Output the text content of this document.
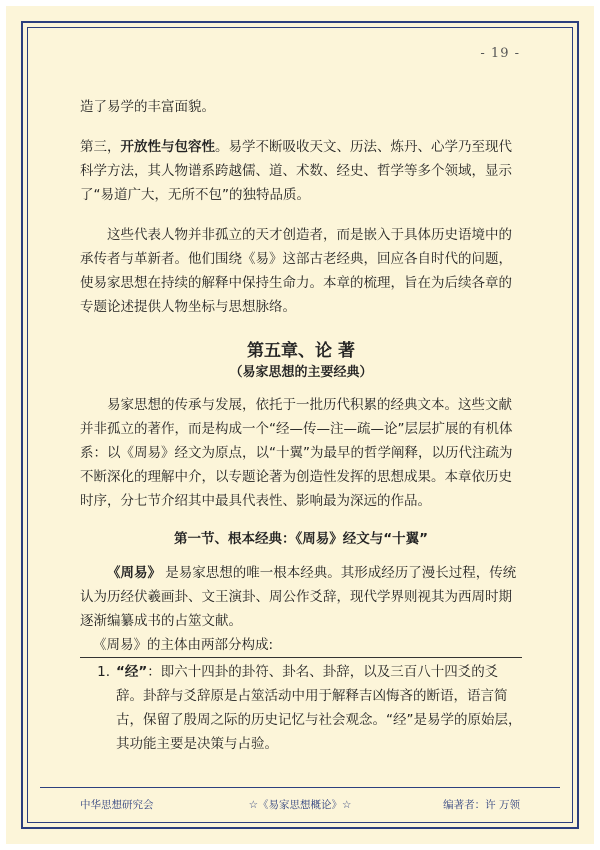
- 19 -

造了易学的丰富面貌。

第三，开放性与包容性。易学不断吸收天文、历法、炼丹、心学乃至现代科学方法，其人物谱系跨越儒、道、术数、经史、哲学等多个领域，显示了“易道广大，无所不包”的独特品质。

这些代表人物并非孤立的天才创造者，而是嵌入于具体历史语境中的承传者与革新者。他们围绕《易》这部古老经典，回应各自时代的问题，使易家思想在持续的解释中保持生命力。本章的梳理，旨在为后续各章的专题论述提供人物坐标与思想脉络。

第五章、论 著
（易家思想的主要经典）

易家思想的传承与发展，依托于一批历代积累的经典文本。这些文献并非孤立的著作，而是构成一个“经—传—注—疏—论”层层扩展的有机体系：以《周易》经文为原点，以“十翼”为最早的哲学阐释，以历代注疏为不断深化的理解中介，以专题论著为创造性发挥的思想成果。本章依历史时序，分七节介绍其中最具代表性、影响最为深远的作品。

第一节、根本经典：《周易》经文与“十翼”

《周易》 是易家思想的唯一根本经典。其形成经历了漫长过程，传统认为历经伏羲画卦、文王演卦、周公作爻辞，现代学界则视其为西周时期逐渐编纂成书的占筮文献。

《周易》的主体由两部分构成:

1. “经”：即六十四卦的卦符、卦名、卦辞，以及三百八十四爻的爻辞。卦辞与爻辞原是占筮活动中用于解释吉凶悔吝的断语，语言简古，保留了殷周之际的历史记忆与社会观念。“经”是易学的原始层，其功能主要是决策与占验。
中华思想研究会	☆《易家思想概论》☆	编著者：许 万领
